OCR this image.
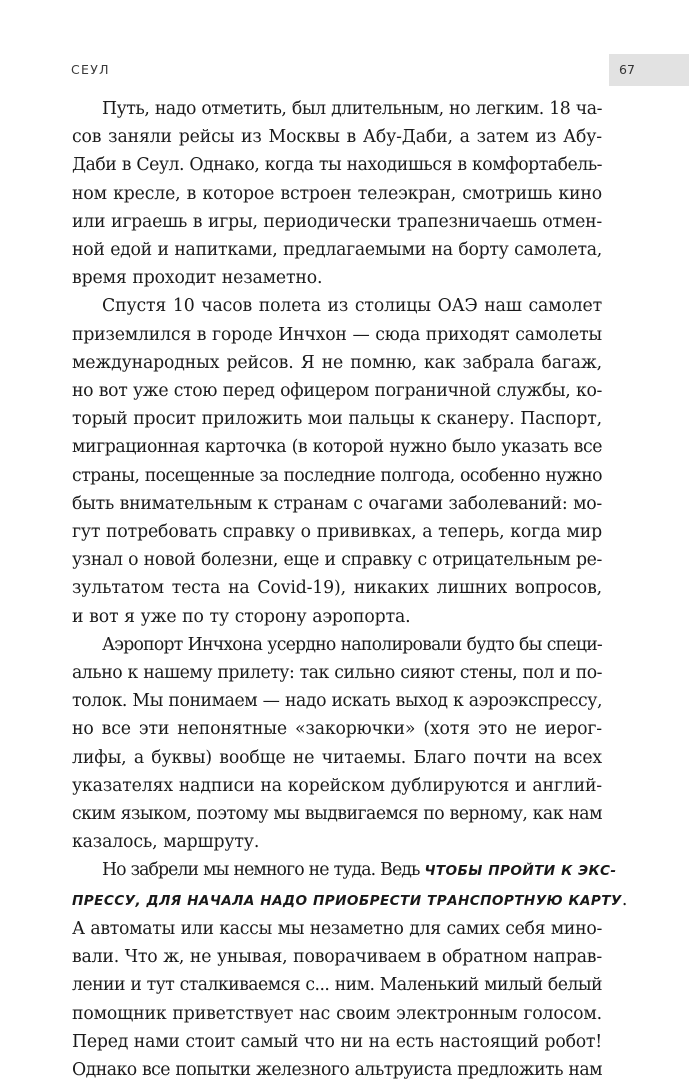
СЕУЛ	67
Путь, надо отметить, был длительным, но легким. 18 ча-
сов заняли рейсы из Москвы в Абу-Даби, а затем из Абу-
Даби в Сеул. Однако, когда ты находишься в комфортабель-
ном кресле, в которое встроен телеэкран, смотришь кино
или играешь в игры, периодически трапезничаешь отмен-
ной едой и напитками, предлагаемыми на борту самолета,
время проходит незаметно.
Спустя 10 часов полета из столицы ОАЭ наш самолет
приземлился в городе Инчхон — сюда приходят самолеты
международных рейсов. Я не помню, как забрала багаж,
но вот уже стою перед офицером пограничной службы, ко-
торый просит приложить мои пальцы к сканеру. Паспорт,
миграционная карточка (в которой нужно было указать все
страны, посещенные за последние полгода, особенно нужно
быть внимательным к странам с очагами заболеваний: мо-
гут потребовать справку о прививках, а теперь, когда мир
узнал о новой болезни, еще и справку с отрицательным ре-
зультатом теста на Covid-19), никаких лишних вопросов,
и вот я уже по ту сторону аэропорта.
Аэропорт Инчхона усердно наполировали будто бы специ-
ально к нашему прилету: так сильно сияют стены, пол и по-
толок. Мы понимаем — надо искать выход к аэроэкспрессу,
но все эти непонятные «закорючки» (хотя это не иерог-
лифы, а буквы) вообще не читаемы. Благо почти на всех
указателях надписи на корейском дублируются и англий-
ским языком, поэтому мы выдвигаемся по верному, как нам
казалось, маршруту.
Но забрели мы немного не туда. Ведь ЧТОБЫ ПРОЙТИ К ЭКС-
ПРЕССУ, ДЛЯ НАЧАЛА НАДО ПРИОБРЕСТИ ТРАНСПОРТНУЮ КАРТУ.
А автоматы или кассы мы незаметно для самих себя мино-
вали. Что ж, не унывая, поворачиваем в обратном направ-
лении и тут сталкиваемся с... ним. Маленький милый белый
помощник приветствует нас своим электронным голосом.
Перед нами стоит самый что ни на есть настоящий робот!
Однако все попытки железного альтруиста предложить нам
